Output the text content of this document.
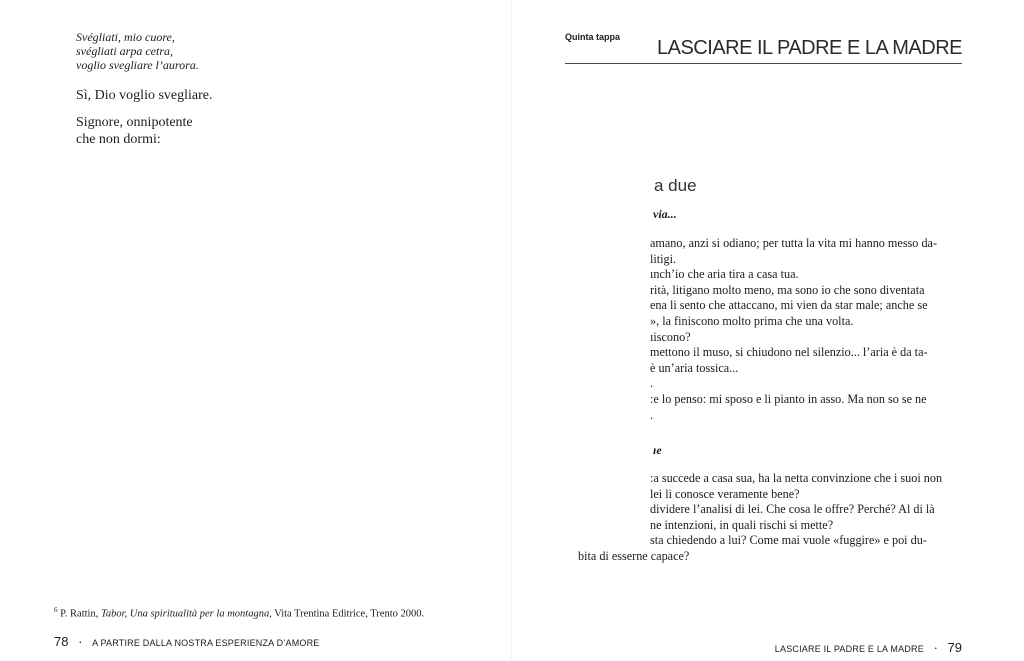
Svégliati, mio cuore,
svégliati arpa cetra,
voglio svegliare l’aurora.
Sì, Dio voglio svegliare.
Signore, onnipotente
che non dormi:
$^6$ P. Rattin, Tabor, Una spiritualità per la montagna, Vita Trentina Editrice, Trento 2000.
78 · A PARTIRE DALLA NOSTRA ESPERIENZA D’AMORE
Quinta tappa LASCIARE IL PADRE E LA MADRE
a due
via...
amano, anzi si odiano; per tutta la vita mi hanno messo da-
litigi.
ınch’io che aria tira a casa tua.
rità, litigano molto meno, ma sono io che sono diventata
ena li sento che attaccano, mi vien da star male; anche se
», la finiscono molto prima che una volta.
ıiscono?
mettono il muso, si chiudono nel silenzio... l’aria è da ta-
è un’aria tossica...
.
:e lo penso: mi sposo e li pianto in asso. Ma non so se ne
.
ıe
:a succede a casa sua, ha la netta convinzione che i suoi non
lei li conosce veramente bene?
dividere l’analisi di lei. Che cosa le offre? Perché? Al di là
ne intenzioni, in quali rischi si mette?
sta chiedendo a lui? Come mai vuole «fuggire» e poi du-
bita di esserne capace?
LASCIARE IL PADRE E LA MADRE · 79
